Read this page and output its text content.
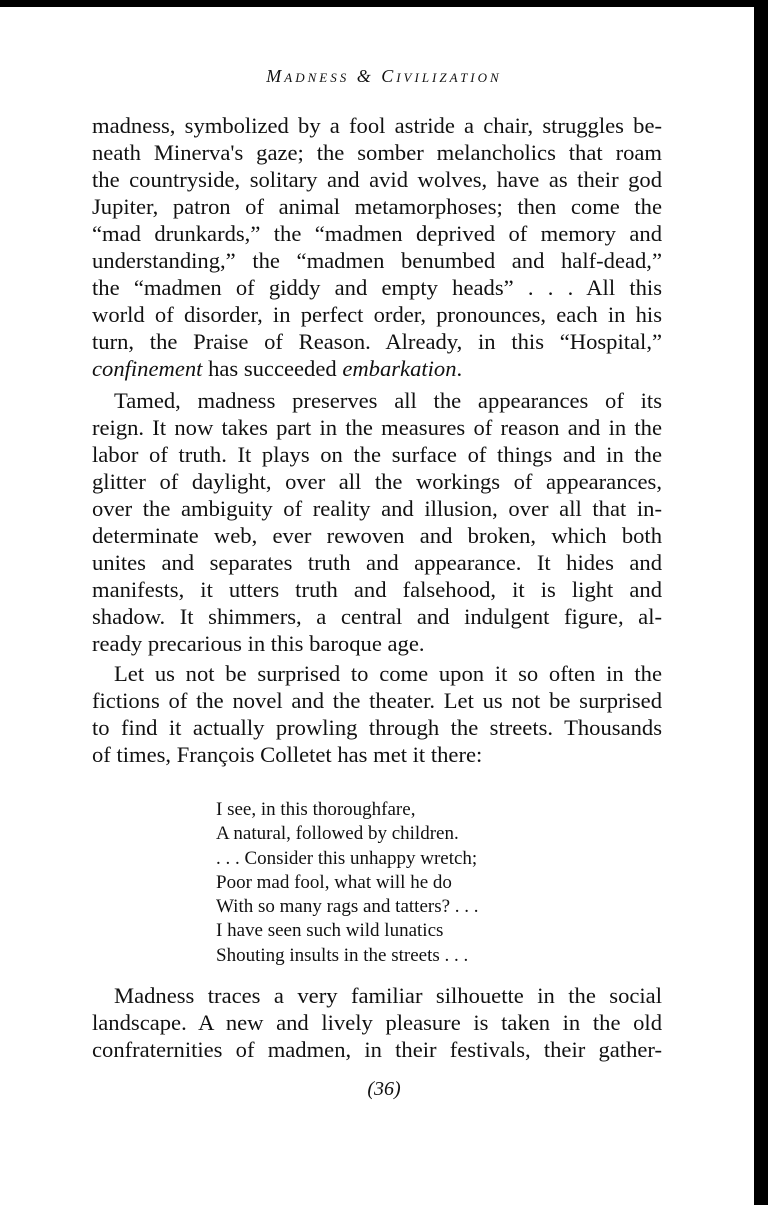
Madness & Civilization
madness, symbolized by a fool astride a chair, struggles be-
neath Minerva's gaze; the somber melancholics that roam
the countryside, solitary and avid wolves, have as their god
Jupiter, patron of animal metamorphoses; then come the
“mad drunkards,” the “madmen deprived of memory and
understanding,” the “madmen benumbed and half-dead,”
the “madmen of giddy and empty heads” . . . All this
world of disorder, in perfect order, pronounces, each in his
turn, the Praise of Reason. Already, in this “Hospital,”
confinement has succeeded embarkation.
Tamed, madness preserves all the appearances of its
reign. It now takes part in the measures of reason and in the
labor of truth. It plays on the surface of things and in the
glitter of daylight, over all the workings of appearances,
over the ambiguity of reality and illusion, over all that in-
determinate web, ever rewoven and broken, which both
unites and separates truth and appearance. It hides and
manifests, it utters truth and falsehood, it is light and
shadow. It shimmers, a central and indulgent figure, al-
ready precarious in this baroque age.
Let us not be surprised to come upon it so often in the
fictions of the novel and the theater. Let us not be surprised
to find it actually prowling through the streets. Thousands
of times, François Colletet has met it there:
I see, in this thoroughfare,
A natural, followed by children.
. . . Consider this unhappy wretch;
Poor mad fool, what will he do
With so many rags and tatters? . . .
I have seen such wild lunatics
Shouting insults in the streets . . .
Madness traces a very familiar silhouette in the social
landscape. A new and lively pleasure is taken in the old
confraternities of madmen, in their festivals, their gather-
(36)
